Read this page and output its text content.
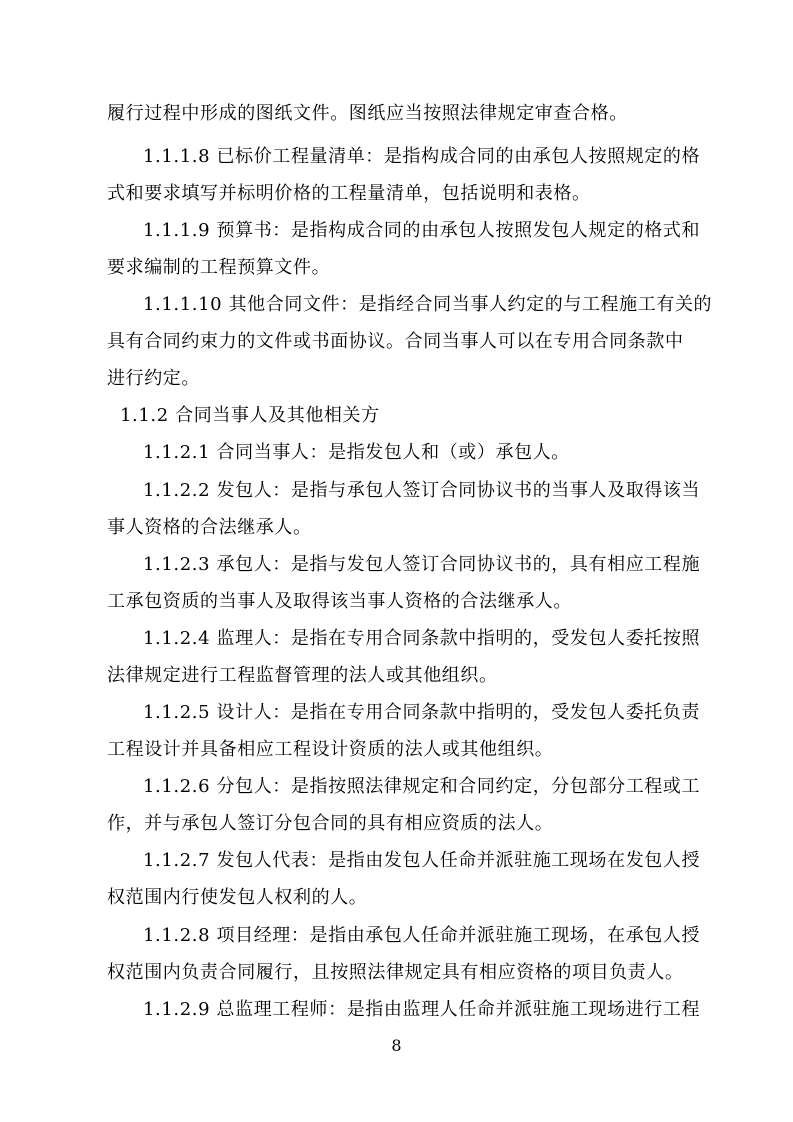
履行过程中形成的图纸文件。图纸应当按照法律规定审查合格。
1.1.1.8 已标价工程量清单：是指构成合同的由承包人按照规定的格
式和要求填写并标明价格的工程量清单，包括说明和表格。
1.1.1.9 预算书：是指构成合同的由承包人按照发包人规定的格式和
要求编制的工程预算文件。
1.1.1.10 其他合同文件：是指经合同当事人约定的与工程施工有关的
具有合同约束力的文件或书面协议。合同当事人可以在专用合同条款中
进行约定。
1.1.2 合同当事人及其他相关方
1.1.2.1 合同当事人：是指发包人和（或）承包人。
1.1.2.2 发包人：是指与承包人签订合同协议书的当事人及取得该当
事人资格的合法继承人。
1.1.2.3 承包人：是指与发包人签订合同协议书的，具有相应工程施
工承包资质的当事人及取得该当事人资格的合法继承人。
1.1.2.4 监理人：是指在专用合同条款中指明的，受发包人委托按照
法律规定进行工程监督管理的法人或其他组织。
1.1.2.5 设计人：是指在专用合同条款中指明的，受发包人委托负责
工程设计并具备相应工程设计资质的法人或其他组织。
1.1.2.6 分包人：是指按照法律规定和合同约定，分包部分工程或工
作，并与承包人签订分包合同的具有相应资质的法人。
1.1.2.7 发包人代表：是指由发包人任命并派驻施工现场在发包人授
权范围内行使发包人权利的人。
1.1.2.8 项目经理：是指由承包人任命并派驻施工现场，在承包人授
权范围内负责合同履行，且按照法律规定具有相应资格的项目负责人。
1.1.2.9 总监理工程师：是指由监理人任命并派驻施工现场进行工程
8
